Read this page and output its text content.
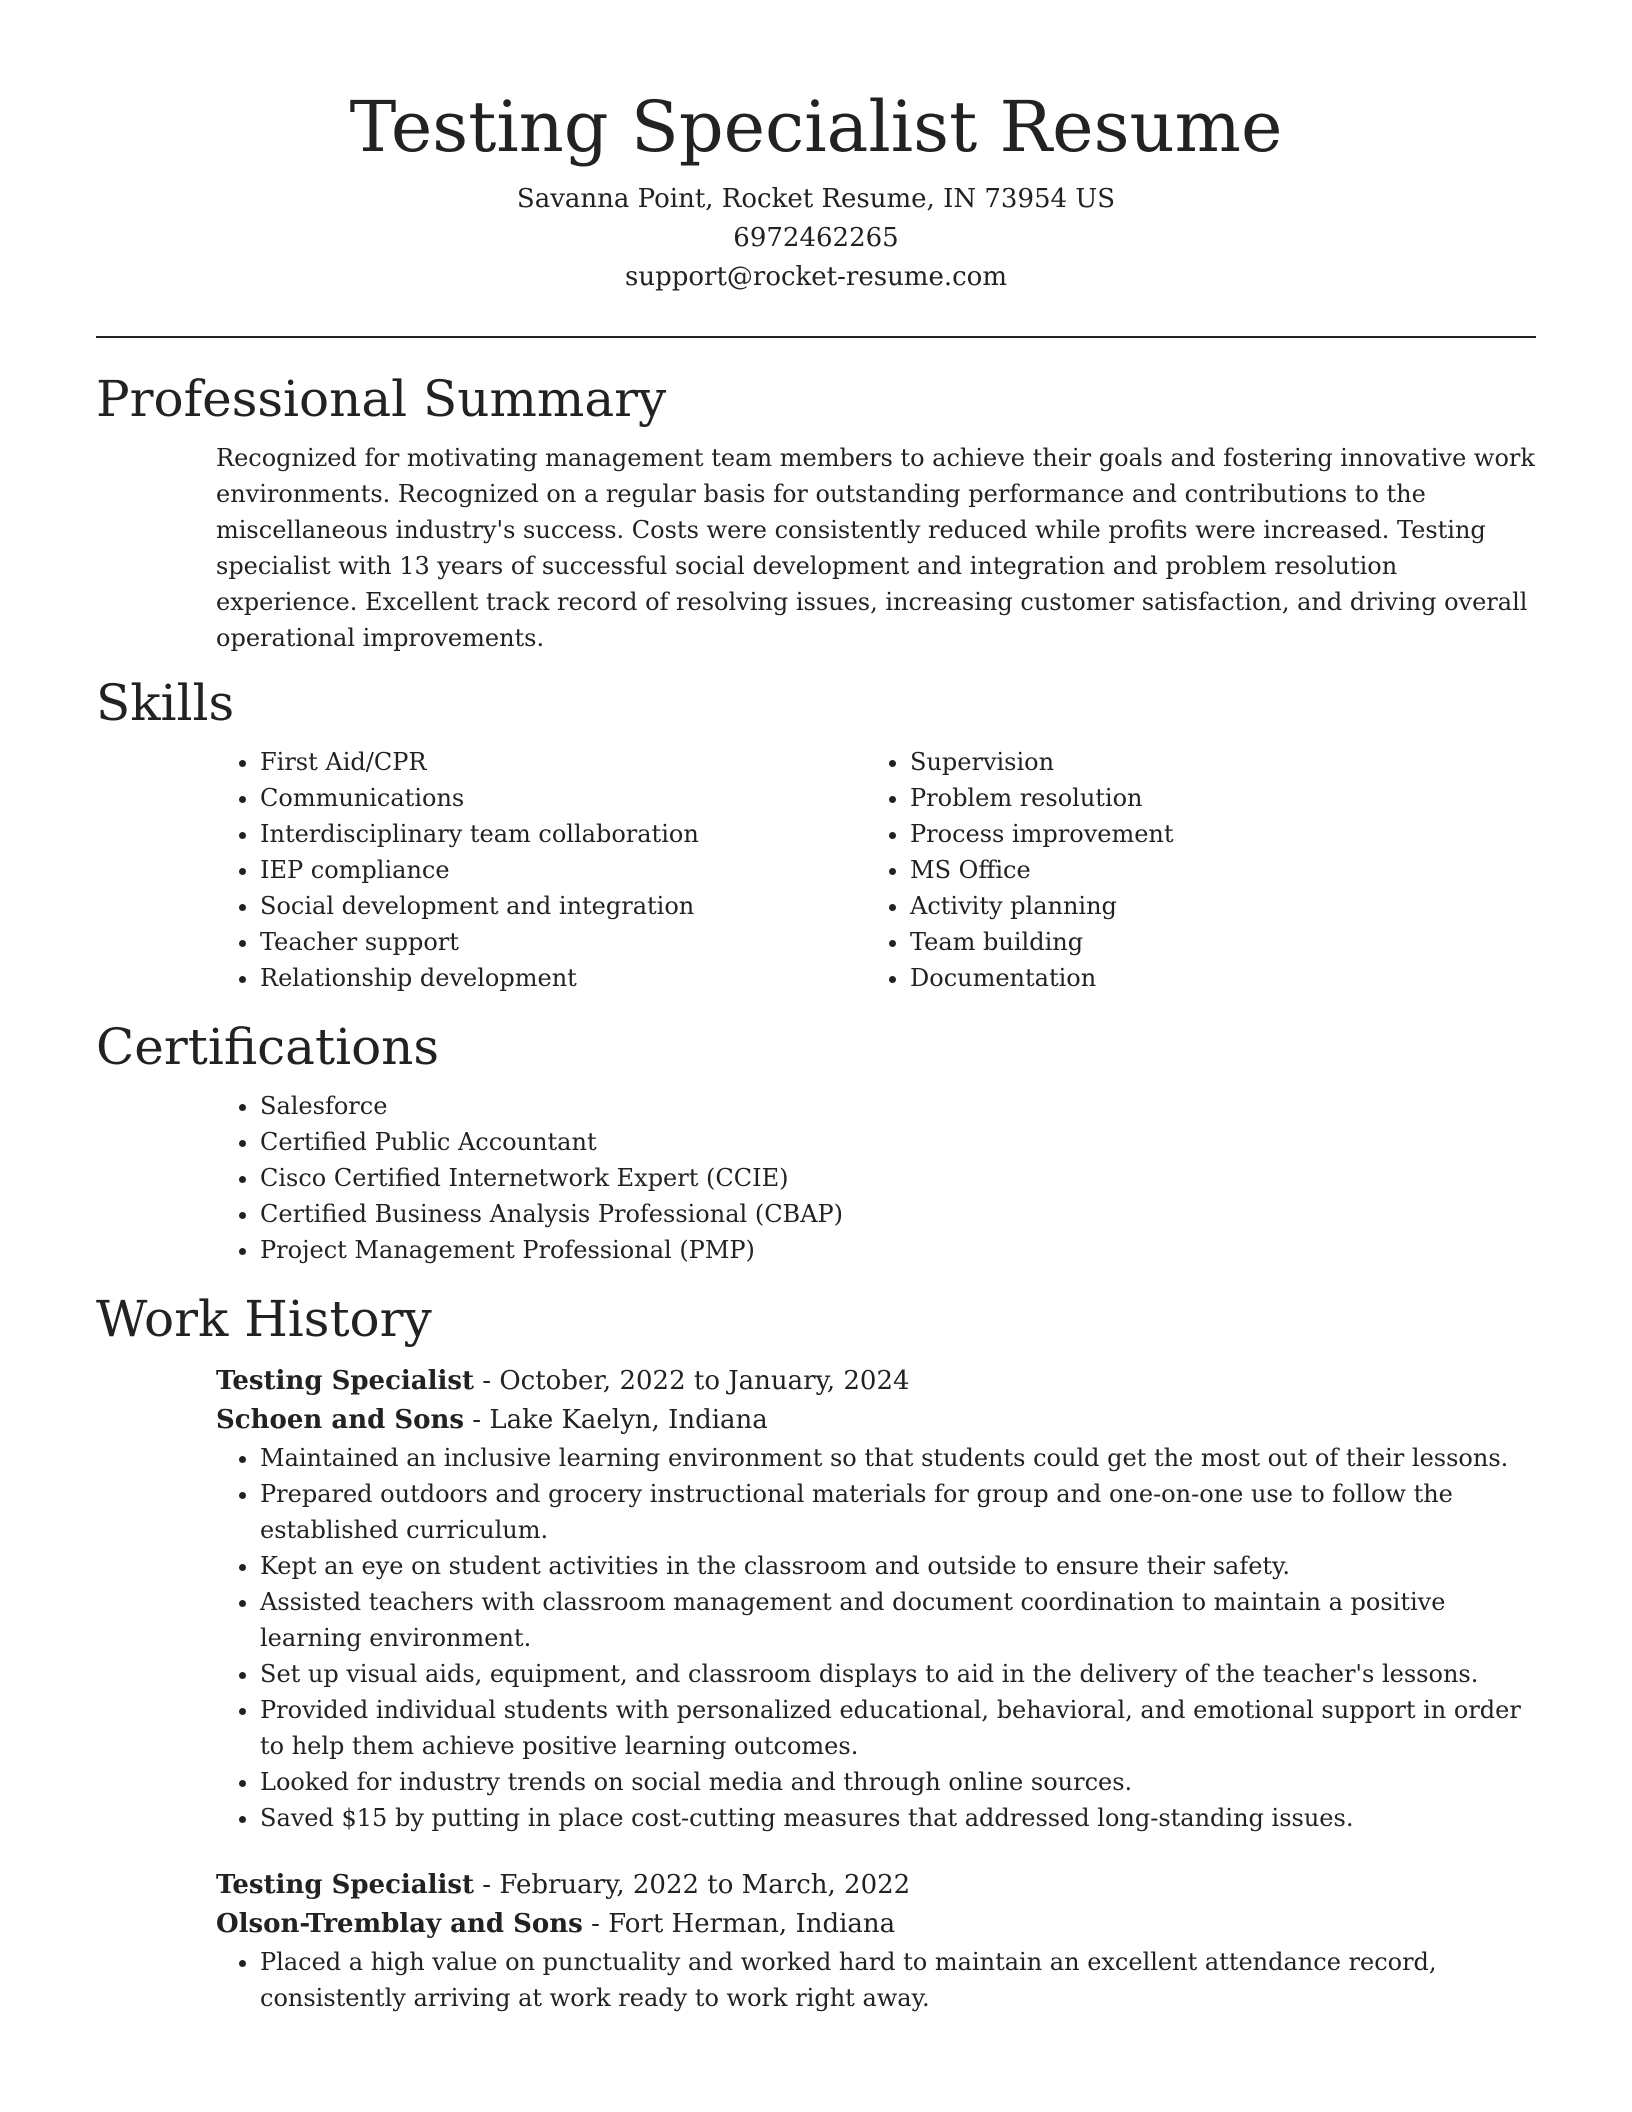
Testing Specialist Resume
Savanna Point, Rocket Resume, IN 73954 US
6972462265
support@rocket-resume.com
Professional Summary

Recognized for motivating management team members to achieve their goals and fostering innovative work environments. Recognized on a regular basis for outstanding performance and contributions to the miscellaneous industry's success. Costs were consistently reduced while profits were increased. Testing specialist with 13 years of successful social development and integration and problem resolution experience. Excellent track record of resolving issues, increasing customer satisfaction, and driving overall operational improvements.

Skills
• First Aid/CPR
• Communications
• Interdisciplinary team collaboration
• IEP compliance
• Social development and integration
• Teacher support
• Relationship development
• Supervision
• Problem resolution
• Process improvement
• MS Office
• Activity planning
• Team building
• Documentation
Certifications
• Salesforce
• Certified Public Accountant
• Cisco Certified Internetwork Expert (CCIE)
• Certified Business Analysis Professional (CBAP)
• Project Management Professional (PMP)
Work History

Testing Specialist - October, 2022 to January, 2024

Schoen and Sons - Lake Kaelyn, Indiana

• Maintained an inclusive learning environment so that students could get the most out of their lessons.
• Prepared outdoors and grocery instructional materials for group and one-on-one use to follow the established curriculum.
• Kept an eye on student activities in the classroom and outside to ensure their safety.
• Assisted teachers with classroom management and document coordination to maintain a positive learning environment.
• Set up visual aids, equipment, and classroom displays to aid in the delivery of the teacher's lessons.
• Provided individual students with personalized educational, behavioral, and emotional support in order to help them achieve positive learning outcomes.
• Looked for industry trends on social media and through online sources.
• Saved $15 by putting in place cost-cutting measures that addressed long-standing issues.

Testing Specialist - February, 2022 to March, 2022

Olson-Tremblay and Sons - Fort Herman, Indiana

• Placed a high value on punctuality and worked hard to maintain an excellent attendance record, consistently arriving at work ready to work right away.
